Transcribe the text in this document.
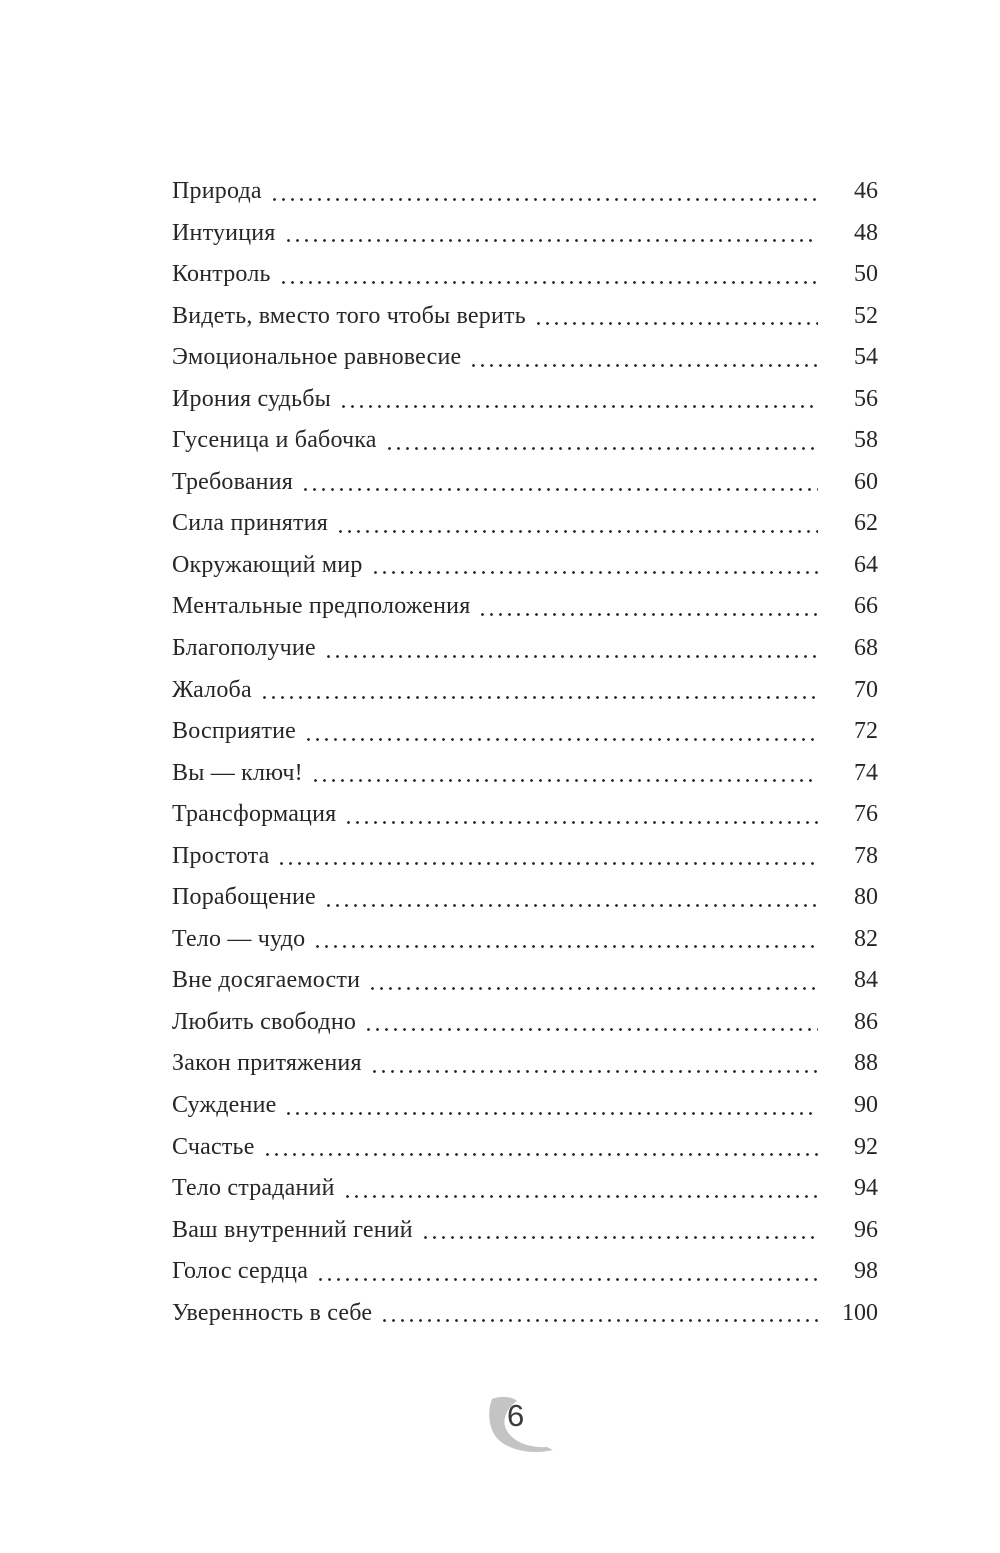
Природа	46
Интуиция	48
Контроль	50
Видеть, вместо того чтобы верить	52
Эмоциональное равновесие	54
Ирония судьбы	56
Гусеница и бабочка	58
Требования	60
Сила принятия	62
Окружающий мир	64
Ментальные предположения	66
Благополучие	68
Жалоба	70
Восприятие	72
Вы — ключ!	74
Трансформация	76
Простота	78
Порабощение	80
Тело — чудо	82
Вне досягаемости	84
Любить свободно	86
Закон притяжения	88
Суждение	90
Счастье	92
Тело страданий	94
Ваш внутренний гений	96
Голос сердца	98
Уверенность в себе	100
6
